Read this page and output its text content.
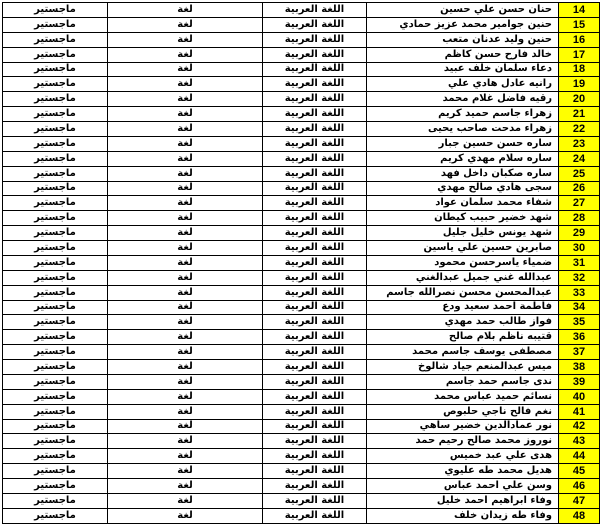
ماجستير	لغة	اللغة العربية	حنان حسن علي حسين	14
ماجستير	لغة	اللغة العربية	حنين جوامير محمد عزيز حمادي	15
ماجستير	لغة	اللغة العربية	حنين وليد عدنان متعب	16
ماجستير	لغة	اللغة العربية	خالد فارح حسن كاظم	17
ماجستير	لغة	اللغة العربية	دعاء سلمان خلف عبيد	18
ماجستير	لغة	اللغة العربية	رانيه عادل هادي علي	19
ماجستير	لغة	اللغة العربية	رقيه فاضل غلام محمد	20
ماجستير	لغة	اللغة العربية	زهراء جاسم حميد كريم	21
ماجستير	لغة	اللغة العربية	زهراء مدحت صاحب يحيى	22
ماجستير	لغة	اللغة العربية	ساره حسن حسين جبار	23
ماجستير	لغة	اللغة العربية	ساره سلام مهدي كريم	24
ماجستير	لغة	اللغة العربية	ساره صكبان داخل فهد	25
ماجستير	لغة	اللغة العربية	سجى هادي صالح مهدي	26
ماجستير	لغة	اللغة العربية	شفاء محمد سلمان عواد	27
ماجستير	لغة	اللغة العربية	شهد خضير حبيب كيطان	28
ماجستير	لغة	اللغة العربية	شهد يونس خليل جليل	29
ماجستير	لغة	اللغة العربية	صابرين حسين علي ياسين	30
ماجستير	لغة	اللغة العربية	ضمياء ياسرحسن محمود	31
ماجستير	لغة	اللغة العربية	عبدالله غني جميل عبدالغني	32
ماجستير	لغة	اللغة العربية	عبدالمحسن محسن نصرالله جاسم	33
ماجستير	لغة	اللغة العربية	فاطمة احمد سعيد ودع	34
ماجستير	لغة	اللغة العربية	فواز طالب حمد مهدي	35
ماجستير	لغة	اللغة العربية	قتيبه ناظم بلام صالح	36
ماجستير	لغة	اللغة العربية	مصطفى يوسف جاسم محمد	37
ماجستير	لغة	اللغة العربية	ميس عبدالمنعم جياد شالوخ	38
ماجستير	لغة	اللغة العربية	ندى جاسم حمد جاسم	39
ماجستير	لغة	اللغة العربية	نسائم حميد عباس محمد	40
ماجستير	لغة	اللغة العربية	نغم فالح ناجي حلبوص	41
ماجستير	لغة	اللغة العربية	نور عمادالدين خضير ساهي	42
ماجستير	لغة	اللغة العربية	نوروز محمد صالح رحيم حمد	43
ماجستير	لغة	اللغة العربية	هدى علي عبد خميس	44
ماجستير	لغة	اللغة العربية	هديل محمد طه عليوي	45
ماجستير	لغة	اللغة العربية	وسن علي احمد عباس	46
ماجستير	لغة	اللغة العربية	وفاء ابراهيم احمد خليل	47
ماجستير	لغة	اللغة العربية	وفاء طه زيدان خلف	48
